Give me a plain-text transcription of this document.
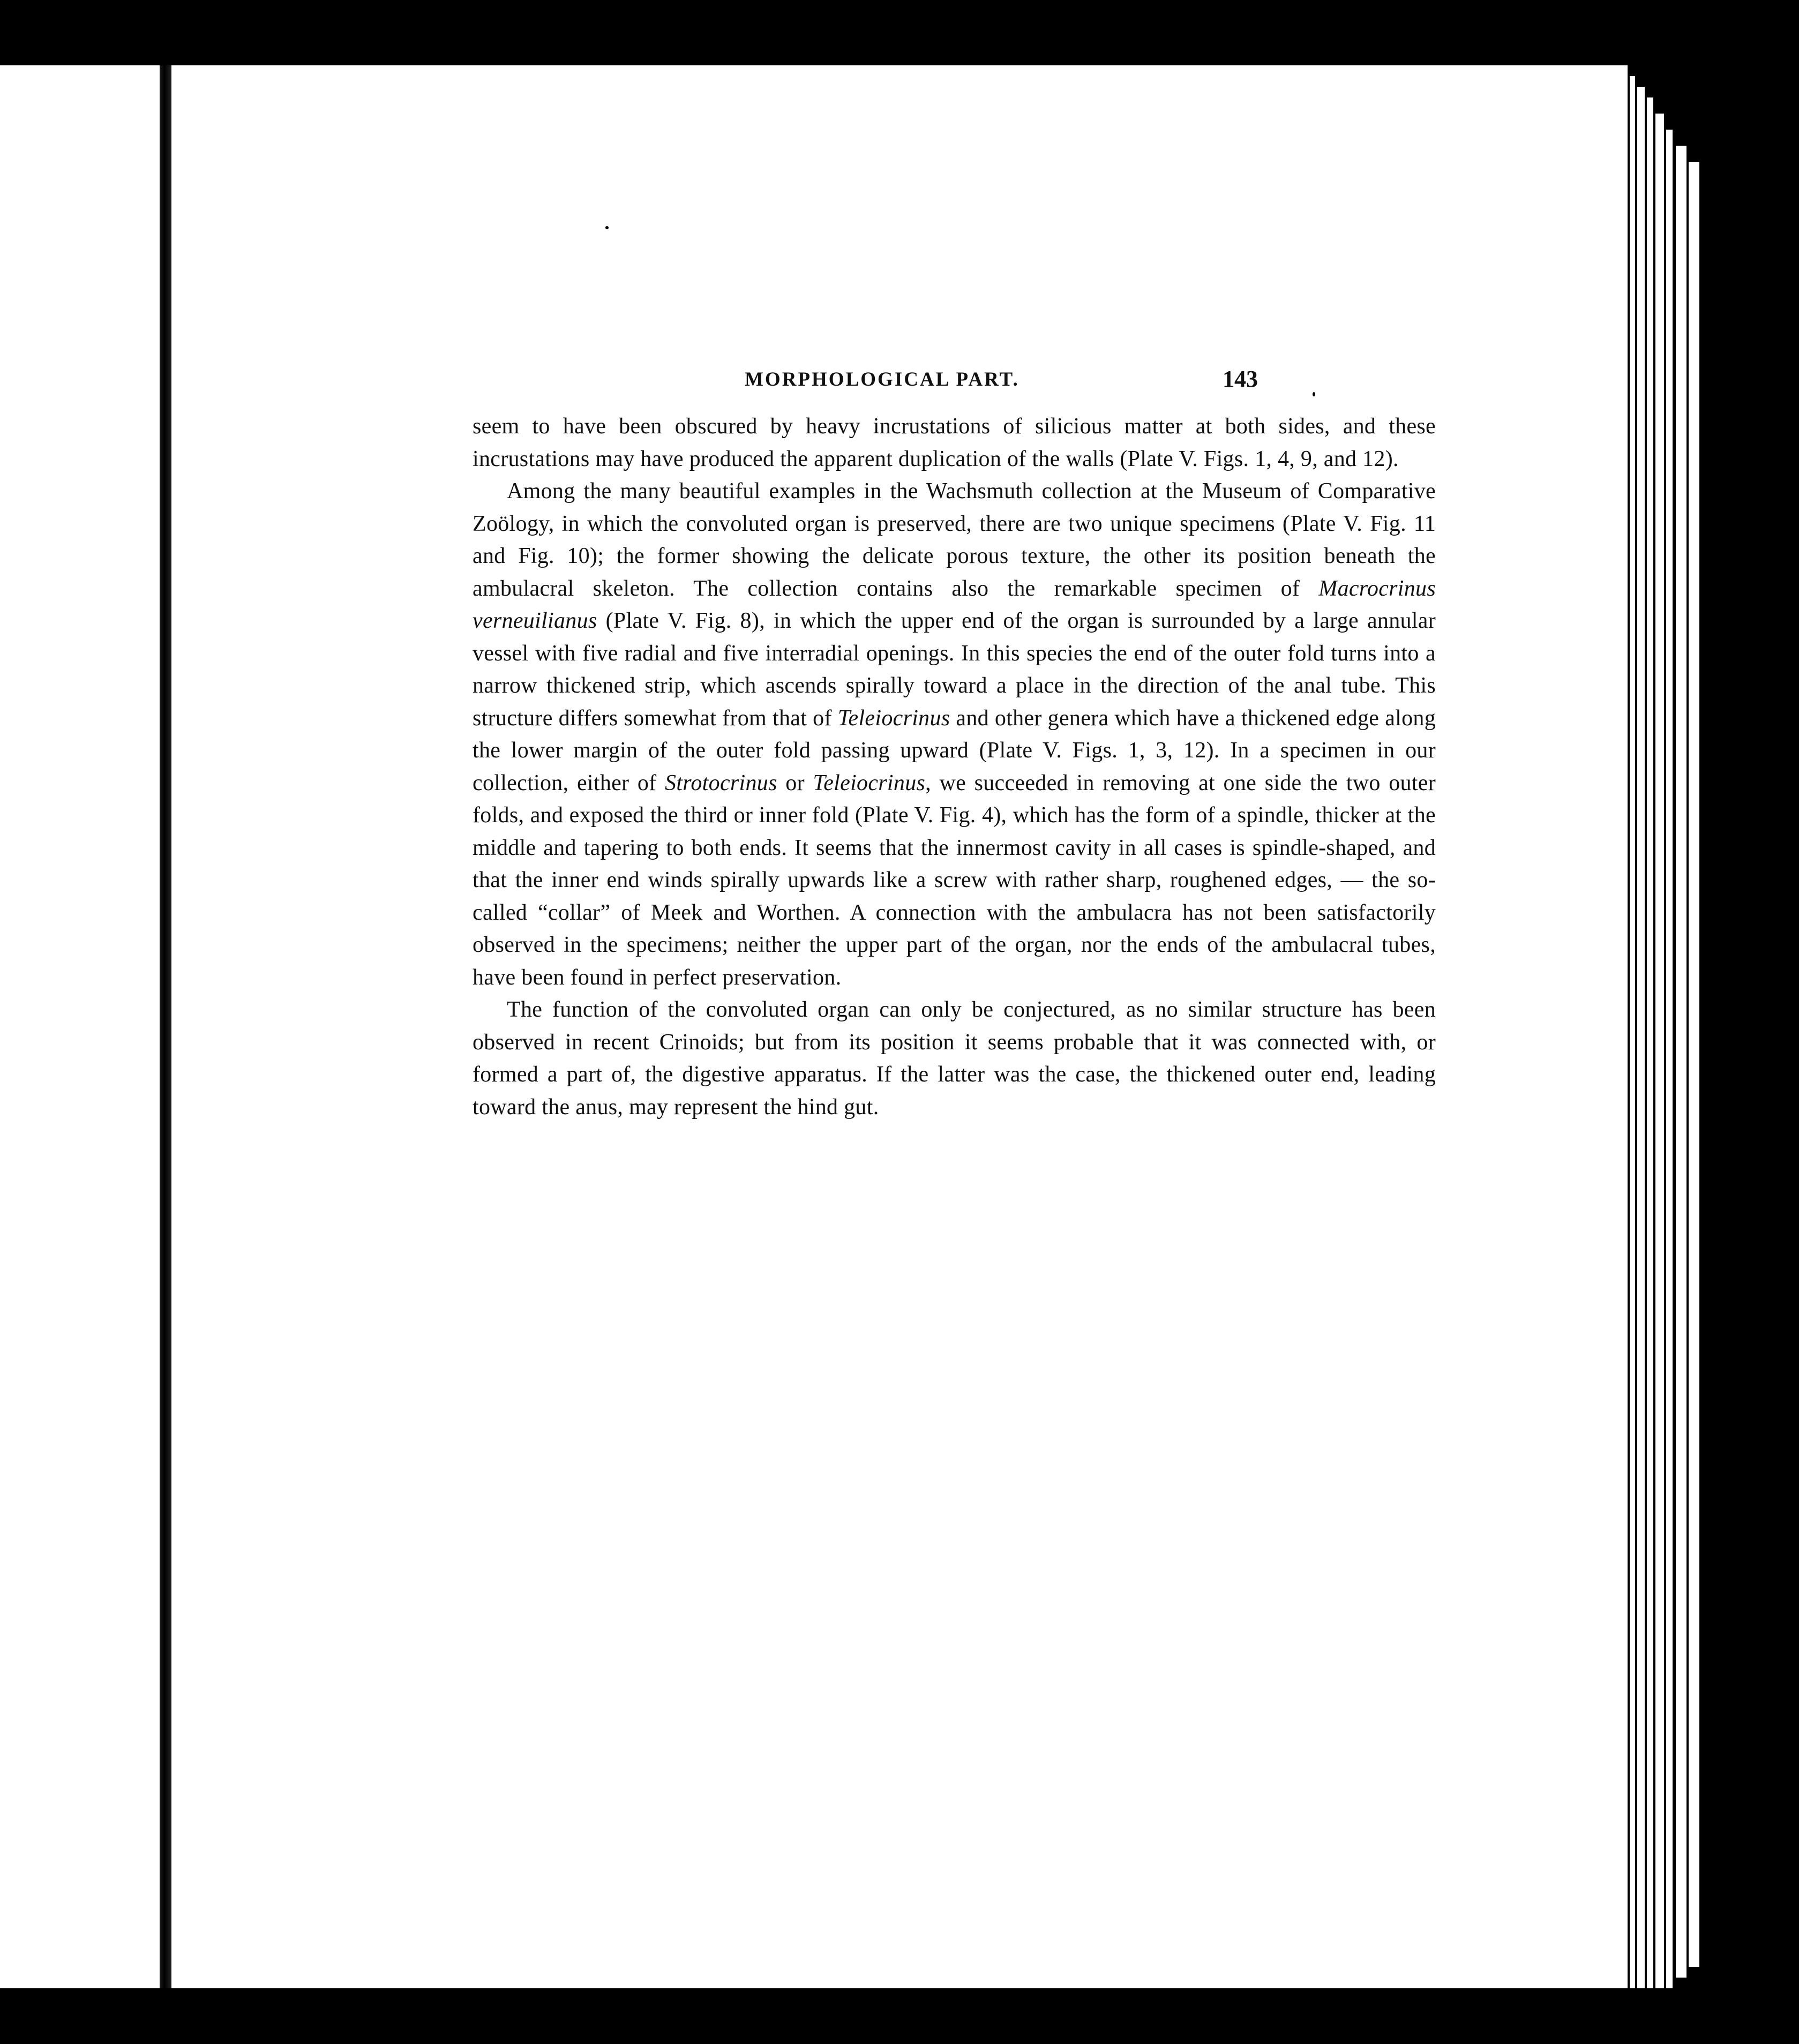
MORPHOLOGICAL PART.	143

seem to have been obscured by heavy incrustations of silicious matter at both sides, and these incrustations may have produced the apparent duplication of the walls (Plate V. Figs. 1, 4, 9, and 12).

Among the many beautiful examples in the Wachsmuth collection at the Museum of Comparative Zoölogy, in which the convoluted organ is preserved, there are two unique specimens (Plate V. Fig. 11 and Fig. 10); the former showing the delicate porous texture, the other its position beneath the ambulacral skeleton. The collection contains also the remarkable specimen of Macrocrinus verneuilianus (Plate V. Fig. 8), in which the upper end of the organ is surrounded by a large annular vessel with five radial and five interradial openings. In this species the end of the outer fold turns into a narrow thickened strip, which ascends spirally toward a place in the direction of the anal tube. This structure differs somewhat from that of Teleiocrinus and other genera which have a thickened edge along the lower margin of the outer fold passing upward (Plate V. Figs. 1, 3, 12). In a specimen in our collection, either of Strotocrinus or Teleiocrinus, we succeeded in removing at one side the two outer folds, and exposed the third or inner fold (Plate V. Fig. 4), which has the form of a spindle, thicker at the middle and tapering to both ends. It seems that the innermost cavity in all cases is spindle-shaped, and that the inner end winds spirally upwards like a screw with rather sharp, roughened edges, — the so-called “collar” of Meek and Worthen. A connection with the ambulacra has not been satisfactorily observed in the specimens; neither the upper part of the organ, nor the ends of the ambulacral tubes, have been found in perfect preservation.

The function of the convoluted organ can only be conjectured, as no similar structure has been observed in recent Crinoids; but from its position it seems probable that it was connected with, or formed a part of, the digestive apparatus. If the latter was the case, the thickened outer end, leading toward the anus, may represent the hind gut.
